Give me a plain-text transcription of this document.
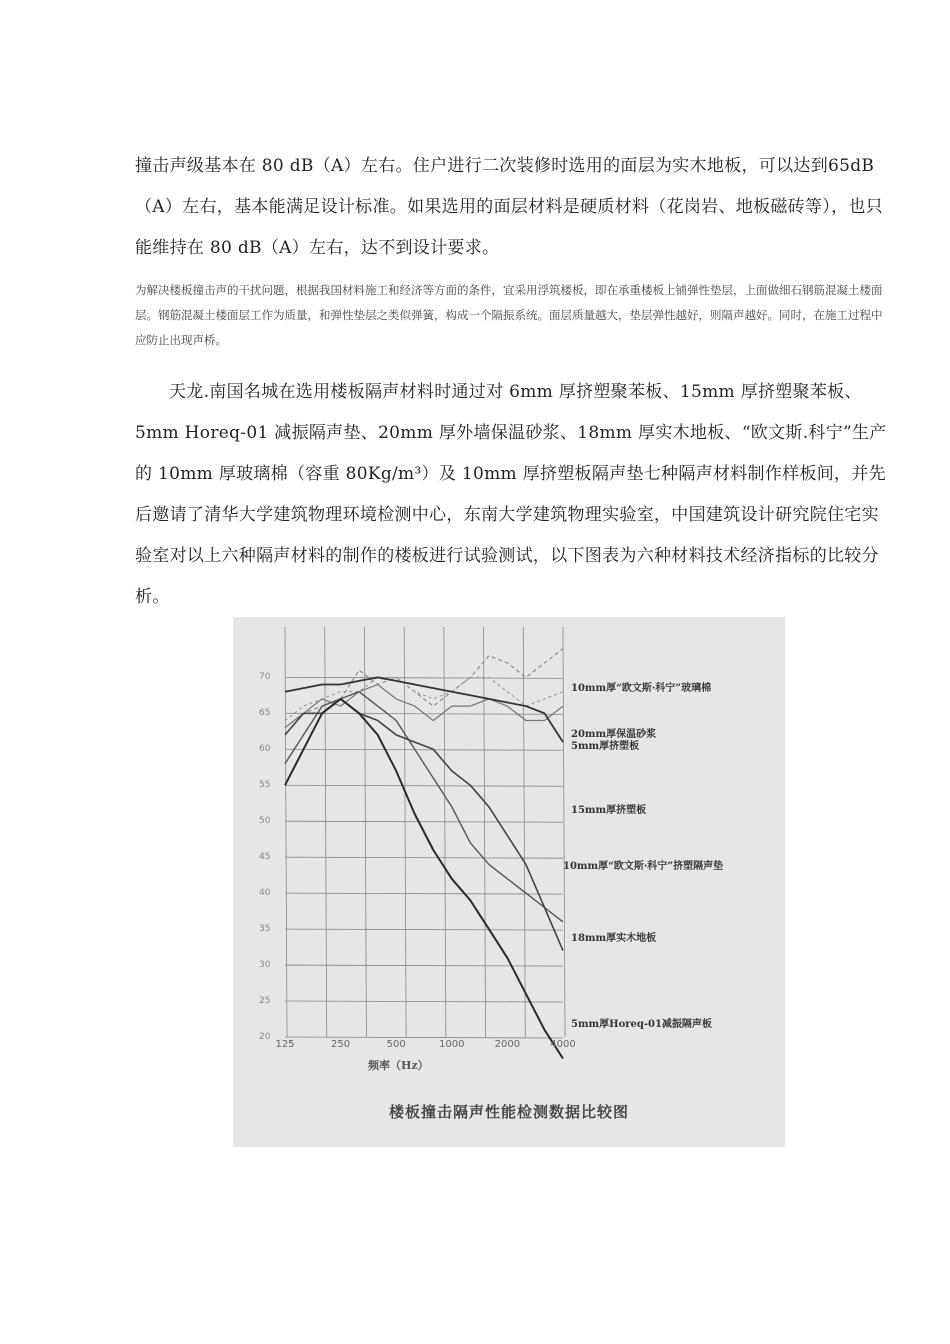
撞击声级基本在 80 dB（A）左右。住户进行二次装修时选用的面层为实木地板，可以达到65dB（A）左右，基本能满足设计标准。如果选用的面层材料是硬质材料（花岗岩、地板磁砖等），也只能维持在 80 dB（A）左右，达不到设计要求。
为解决楼板撞击声的干扰问题，根据我国材料施工和经济等方面的条件，宜采用浮筑楼板，即在承重楼板上铺弹性垫层，上面做细石钢筋混凝土楼面层。钢筋混凝土楼面层工作为质量，和弹性垫层之类似弹簧，构成一个隔振系统。面层质量越大，垫层弹性越好，则隔声越好。同时，在施工过程中应防止出现声桥。
天龙.南国名城在选用楼板隔声材料时通过对 6mm 厚挤塑聚苯板、15mm 厚挤塑聚苯板、5mm Horeq-01 减振隔声垫、20mm 厚外墙保温砂浆、18mm 厚实木地板、“欧文斯.科宁”生产的 10mm 厚玻璃棉（容重 80Kg/m³）及 10mm 厚挤塑板隔声垫七种隔声材料制作样板间，并先后邀请了清华大学建筑物理环境检测中心，东南大学建筑物理实验室，中国建筑设计研究院住宅实验室对以上六种隔声材料的制作的楼板进行试验测试，以下图表为六种材料技术经济指标的比较分析。
125	250	500	1000	2000	4000
70
65
60
55
50
45
40
35
30
25
20
10mm厚“欧文斯·科宁”玻璃棉
20mm厚保温砂浆
5mm厚挤塑板
15mm厚挤塑板
10mm厚“欧文斯·科宁”挤塑隔声垫
18mm厚实木地板
5mm厚Horeq-01减振隔声板
频率（Hz）
楼板撞击隔声性能检测数据比较图
